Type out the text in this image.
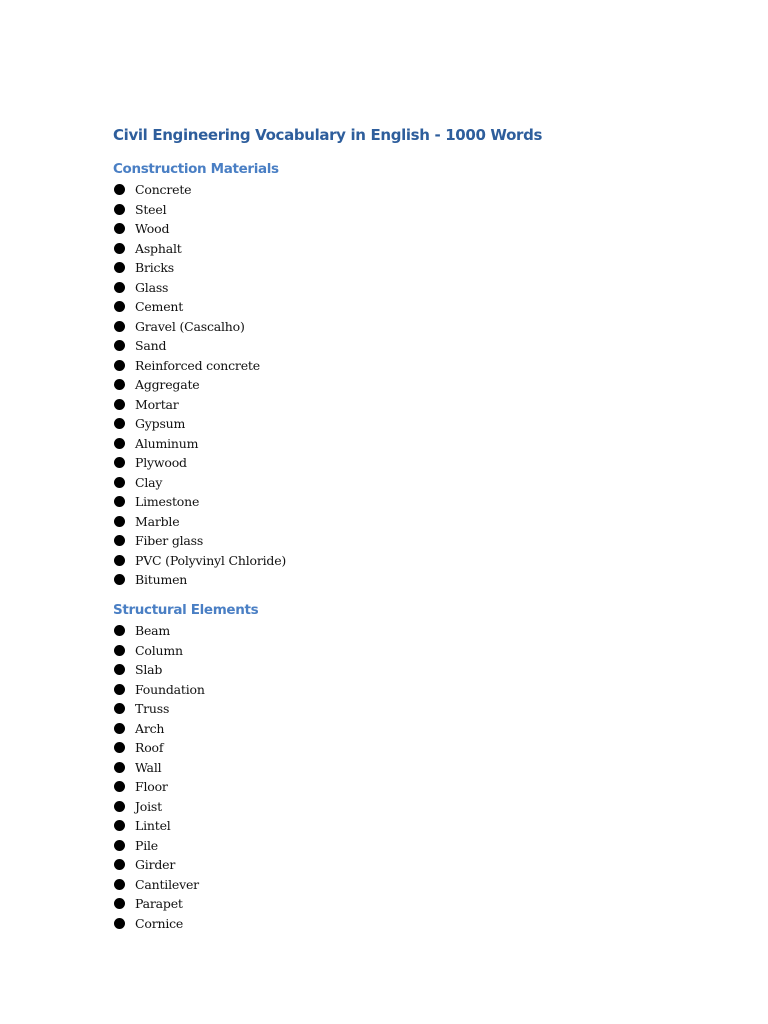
Civil Engineering Vocabulary in English - 1000 Words
Construction Materials
Concrete
Steel
Wood
Asphalt
Bricks
Glass
Cement
Gravel (Cascalho)
Sand
Reinforced concrete
Aggregate
Mortar
Gypsum
Aluminum
Plywood
Clay
Limestone
Marble
Fiber glass
PVC (Polyvinyl Chloride)
Bitumen
Structural Elements
Beam
Column
Slab
Foundation
Truss
Arch
Roof
Wall
Floor
Joist
Lintel
Pile
Girder
Cantilever
Parapet
Cornice
